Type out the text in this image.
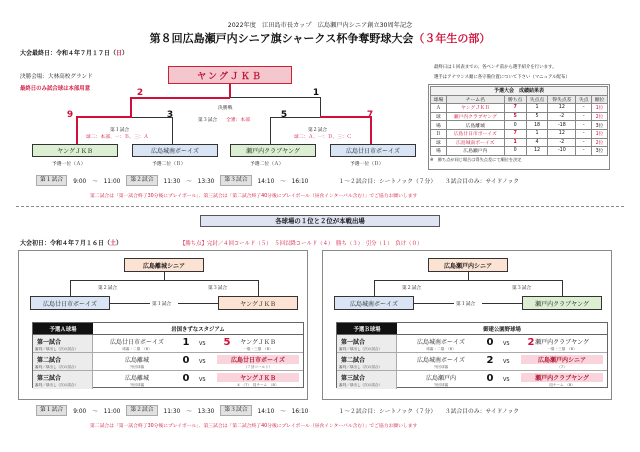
2022年度　江田島市長カップ　広島瀬戸内シニア創立30周年記念
第８回広島瀬戸内シニア旗シャークス杯争奪野球大会（３年生の部）
大会最終日：令和４年７月１７日（日）
決勝会場：大林高校グランド
最終日のみ試合球は本部用意
ヤングＪＫＢ
決勝戦
第３試合 全審：本部
2	1
第１試合
球二：本部、一：Ｂ、三：Ａ
第２試合
球二：Ａ、一：Ｄ、三：Ｃ
9	3	5	7
ヤングＪＫＢ	広島城南ボーイズ	瀬戸内クラブヤング	広島廿日市ボーイズ
予選一位（Ａ）	予選二位（Ｂ）	予選二位（Ａ）	予選一位（Ｄ）
最終日は１回表までの、各ベンチ前から選手紹介を行います。
選手はアナウンス順に各守備位置について下さい（マニュアル配布）
予選大会　成績結果表						
球場	チーム名	勝ち点	失点点	得失点差	失点	順位
Ａ	ヤングＪＫＢ	7	1	12	-	1位
球	瀬戸内クラブヤング	5	5	-2	-	2位
場	広島離城	0	18	-18	-	3位
Ｂ	広島廿日市ボーイズ	7	1	12	-	1位
球	広島城南ボーイズ	1	4	-2	-	2位
場	広島瀬戸内	0	12	-10	-	3位
※　勝ち点が同じ場合は得失点差にて順位を決定
第１試合	9:00　～　11:00	第２試合	11:30　～　13:30	第３試合	14:10　～　16:10	１～２試合目：シートノック（７分）　　３試合目のみ：サイドノック
第二試合は「第一試合終了30分後にプレイボール」、第三試合は「第二試合終了40分後にプレイボール（昼食インターバル含む）」でご協力お願いします
各球場の１位と２位が本戦出場
大会初日：令和４年７月１６日（土）	【勝ち点】完封／４回コールド（５）　５回以降コールド（４）　勝ち（３）　引分（１）　負け（０）
広島離城シニア
第２試合	第３試合
広島廿日市ボーイズ	ヤングＪＫＢ
第１試合
予選Ａ球場	岩国きずなスタジアム
第一試合
審判／球出し（次の試合）
広島廿日市ボーイズ
球審・二塁　（B）
1	VS	5	ヤングＪＫＢ
一塁・三塁　（B）
第二試合
審判／球出し（次の試合）
広島離城
外回球審
0	VS	広島廿日市ボーイズ
（７回コールド）
第三試合
審判／球出し（次の試合）
広島離城
外回球審
0	VS	ヤングＪＫＢ
4　（7）　同チーム　（B）
広島瀬戸内シニア
第２試合	第３試合
広島城南ボーイズ	瀬戸内クラブヤング
第１試合
予選Ｂ球場	御建公園野球場
第一試合
審判／球出し（次の試合）
広島城南ボーイズ
球審・二塁　（B）
0	VS	2 瀬戸内クラブヤング
一塁・三塁　（B）
第二試合
審判／球出し（次の試合）
広島城南ボーイズ
外回球審
2	VS	広島瀬戸内シニア
（7）
第三試合
審判／球出し（次の試合）
広島瀬戸内
外回球審
0	VS	瀬戸内クラブヤング
同チーム　（B）
第１試合	9:00　～　11:00	第２試合	11:30　～　13:30	第３試合	14:10　～　16:10	１～２試合目：シートノック（７分）　　３試合目のみ：サイドノック
第二試合は「第一試合終了30分後にプレイボール」、第三試合は「第二試合終了40分後にプレイボール（昼食インターバル含む）」でご協力お願いします
